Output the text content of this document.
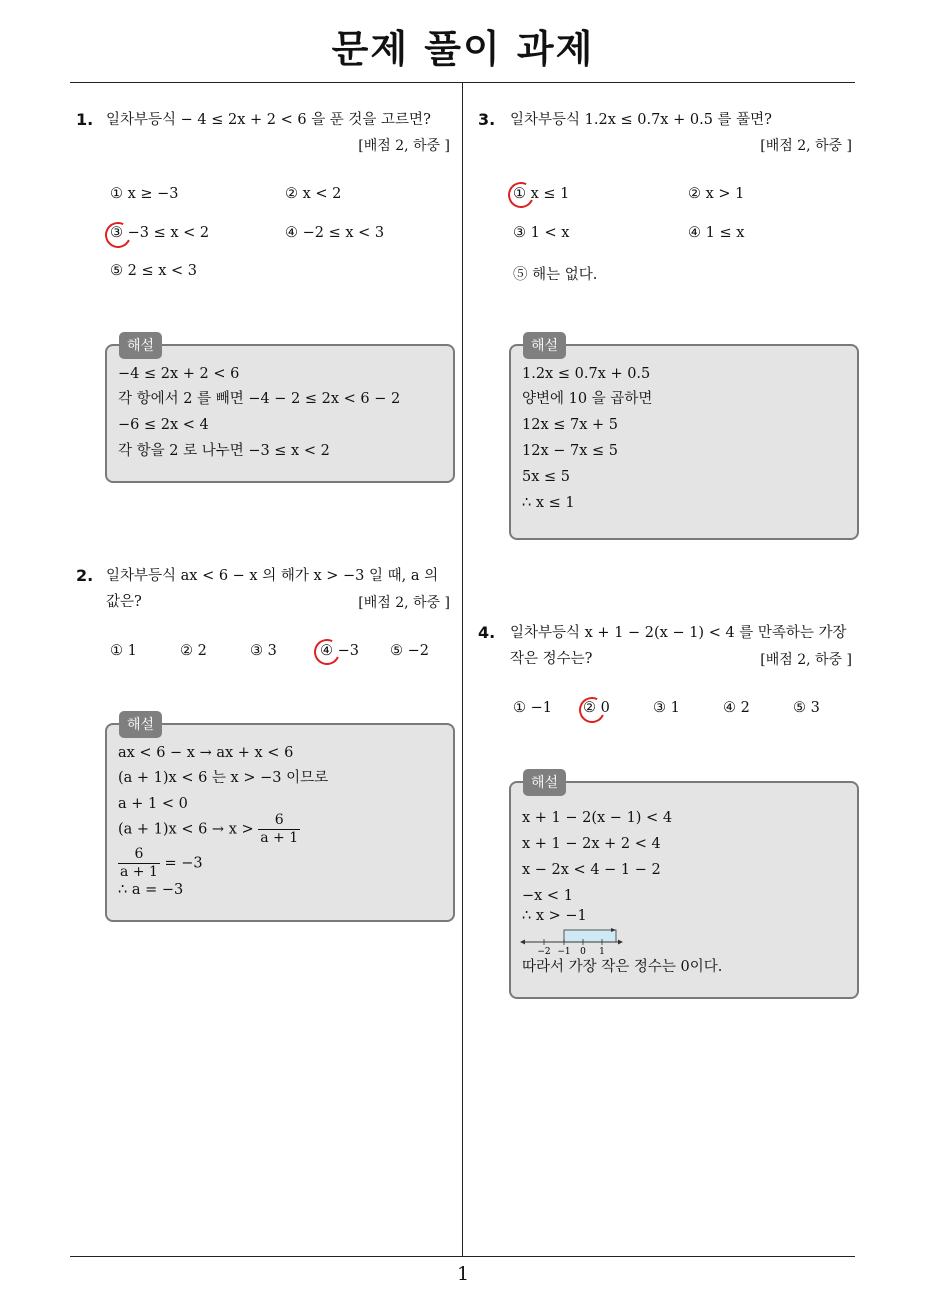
문제 풀이 과제
1
1. 일차부등식 − 4 ≤ 2x + 2 < 6 을 푼 것을 고르면?
[배점 2, 하중 ]
① x ≥ −3	② x < 2
③ −3 ≤ x < 2	④ −2 ≤ x < 3
⑤ 2 ≤ x < 3
해설
−4 ≤ 2x + 2 < 6
각 항에서 2 를 빼면 −4 − 2 ≤ 2x < 6 − 2
−6 ≤ 2x < 4
각 항을 2 로 나누면 −3 ≤ x < 2
2. 일차부등식 ax < 6 − x 의 해가 x > −3 일 때, a 의
값은?	[배점 2, 하중 ]
① 1	② 2	③ 3	④ −3 ⑤ −2
해설
ax < 6 − x → ax + x < 6
(a + 1)x < 6 는 x > −3 이므로
a + 1 < 0
$(a + 1)x < 6 \to x > \frac{6}{a + 1}$
$\frac{6}{a + 1} = -3$
∴ a = −3
3. 일차부등식 1.2x ≤ 0.7x + 0.5 를 풀면?
[배점 2, 하중 ]
① x ≤ 1	② x > 1
③ 1 < x	④ 1 ≤ x
⑤ 해는 없다.
해설
1.2x ≤ 0.7x + 0.5
양변에 10 을 곱하면
12x ≤ 7x + 5
12x − 7x ≤ 5
5x ≤ 5
∴ x ≤ 1
4. 일차부등식 x + 1 − 2(x − 1) < 4 를 만족하는 가장
작은 정수는?	[배점 2, 하중 ]
① −1 ② 0	③ 1	④ 2	⑤ 3
해설
x + 1 − 2(x − 1) < 4
x + 1 − 2x + 2 < 4
x − 2x < 4 − 1 − 2
−x < 1
∴ x > −1
−2 −1 0 1
따라서 가장 작은 정수는 0이다.
